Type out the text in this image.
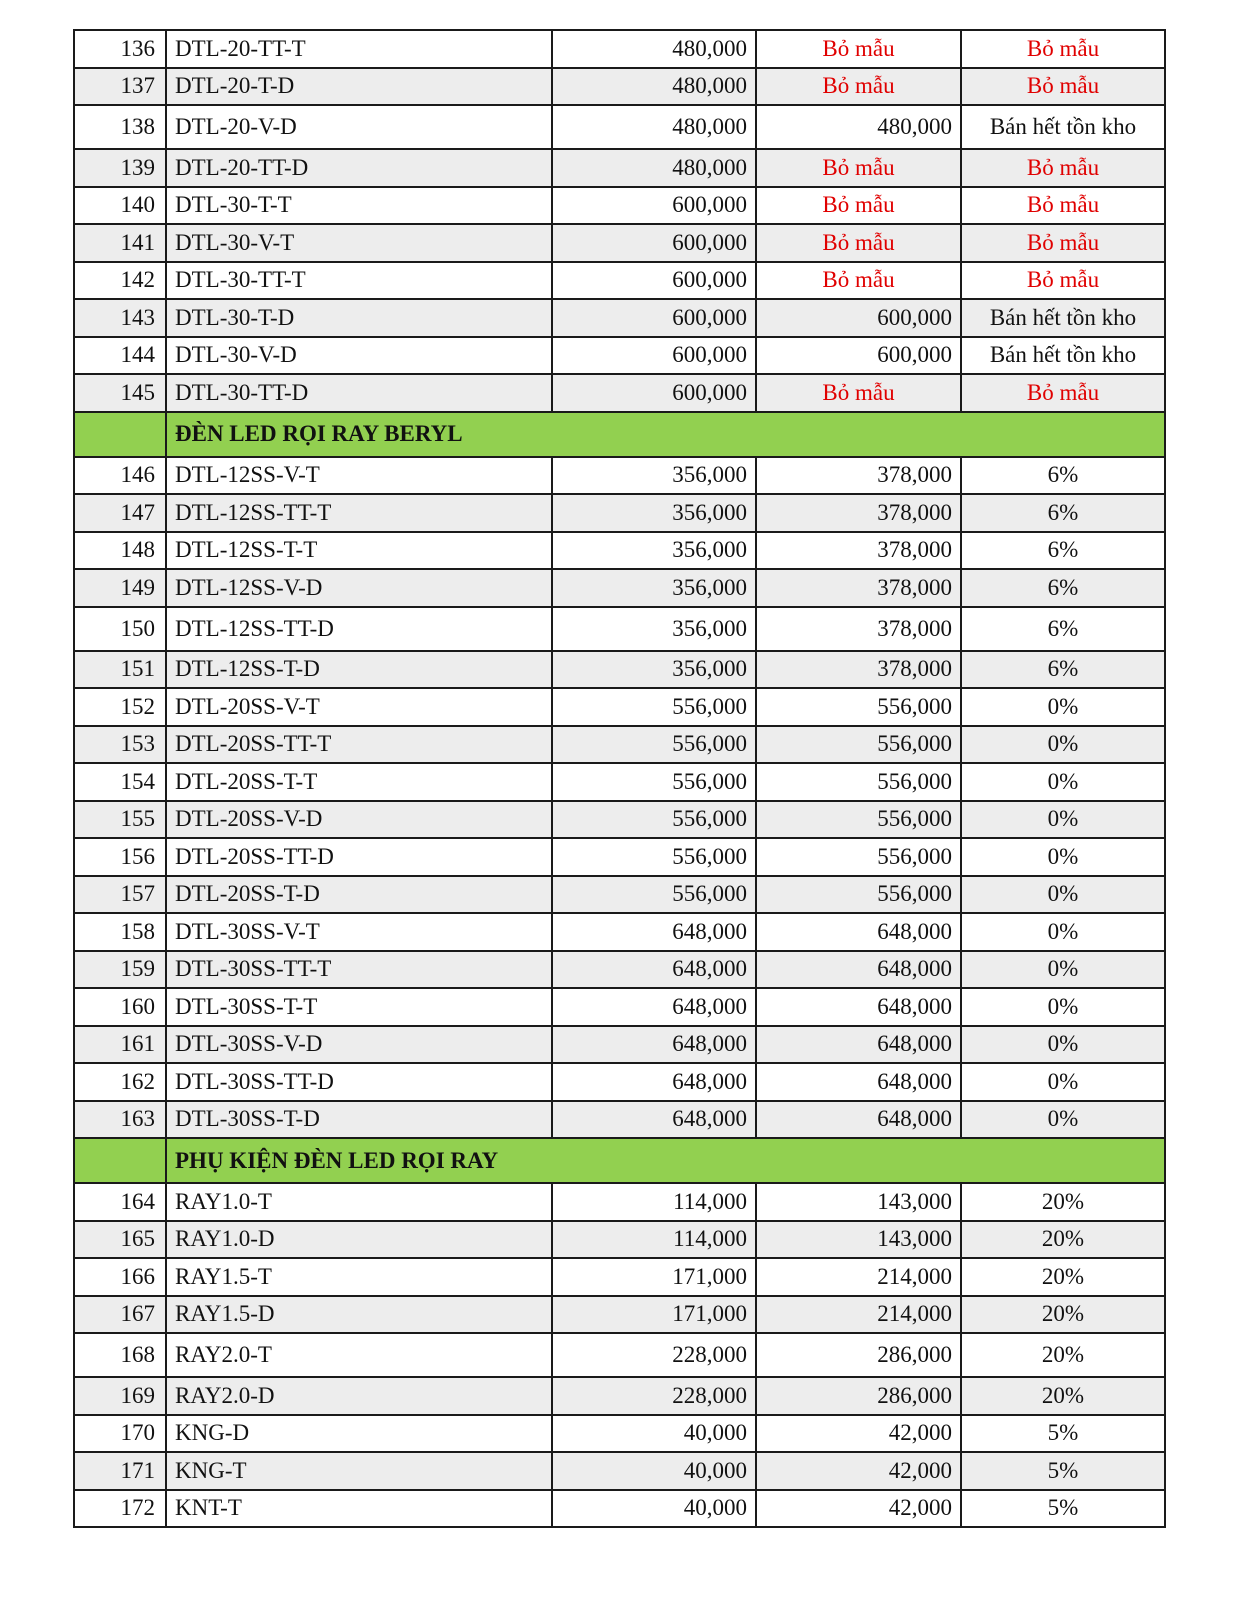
136	DTL-20-TT-T	480,000	Bỏ mẫu	Bỏ mẫu
137	DTL-20-T-D	480,000	Bỏ mẫu	Bỏ mẫu
138	DTL-20-V-D	480,000	480,000	Bán hết tồn kho
139	DTL-20-TT-D	480,000	Bỏ mẫu	Bỏ mẫu
140	DTL-30-T-T	600,000	Bỏ mẫu	Bỏ mẫu
141	DTL-30-V-T	600,000	Bỏ mẫu	Bỏ mẫu
142	DTL-30-TT-T	600,000	Bỏ mẫu	Bỏ mẫu
143	DTL-30-T-D	600,000	600,000	Bán hết tồn kho
144	DTL-30-V-D	600,000	600,000	Bán hết tồn kho
145	DTL-30-TT-D	600,000	Bỏ mẫu	Bỏ mẫu
	ĐÈN LED RỌI RAY BERYL			
146	DTL-12SS-V-T	356,000	378,000	6%
147	DTL-12SS-TT-T	356,000	378,000	6%
148	DTL-12SS-T-T	356,000	378,000	6%
149	DTL-12SS-V-D	356,000	378,000	6%
150	DTL-12SS-TT-D	356,000	378,000	6%
151	DTL-12SS-T-D	356,000	378,000	6%
152	DTL-20SS-V-T	556,000	556,000	0%
153	DTL-20SS-TT-T	556,000	556,000	0%
154	DTL-20SS-T-T	556,000	556,000	0%
155	DTL-20SS-V-D	556,000	556,000	0%
156	DTL-20SS-TT-D	556,000	556,000	0%
157	DTL-20SS-T-D	556,000	556,000	0%
158	DTL-30SS-V-T	648,000	648,000	0%
159	DTL-30SS-TT-T	648,000	648,000	0%
160	DTL-30SS-T-T	648,000	648,000	0%
161	DTL-30SS-V-D	648,000	648,000	0%
162	DTL-30SS-TT-D	648,000	648,000	0%
163	DTL-30SS-T-D	648,000	648,000	0%
	PHỤ KIỆN ĐÈN LED RỌI RAY			
164	RAY1.0-T	114,000	143,000	20%
165	RAY1.0-D	114,000	143,000	20%
166	RAY1.5-T	171,000	214,000	20%
167	RAY1.5-D	171,000	214,000	20%
168	RAY2.0-T	228,000	286,000	20%
169	RAY2.0-D	228,000	286,000	20%
170	KNG-D	40,000	42,000	5%
171	KNG-T	40,000	42,000	5%
172	KNT-T	40,000	42,000	5%
